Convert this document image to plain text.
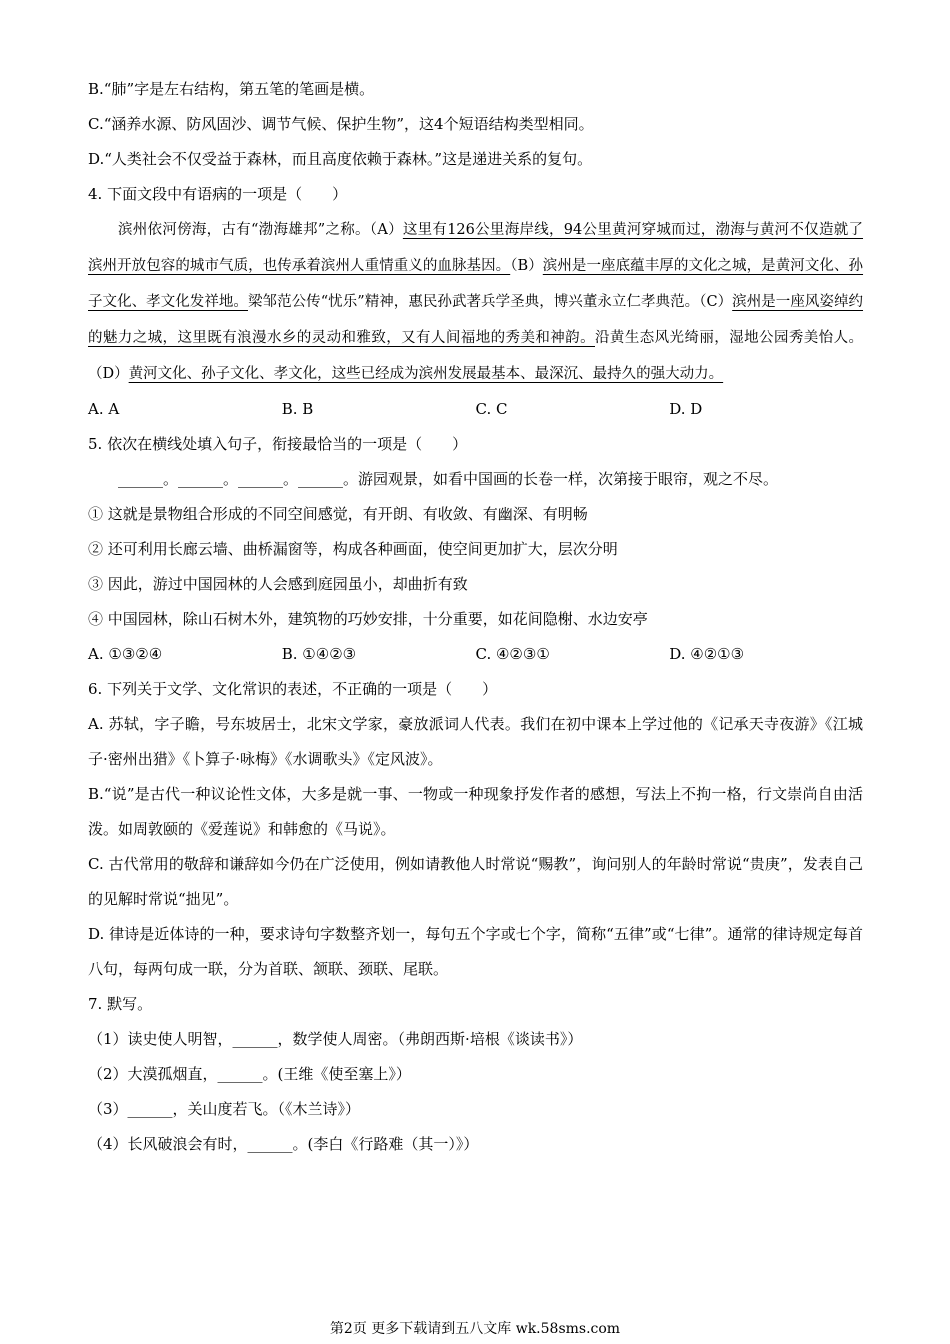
B.“肺”字是左右结构，第五笔的笔画是横。
C.“涵养水源、防风固沙、调节气候、保护生物”，这4个短语结构类型相同。
D.“人类社会不仅受益于森林，而且高度依赖于森林。”这是递进关系的复句。
4. 下面文段中有语病的一项是（　　）
滨州依河傍海，古有“渤海雄邦”之称。（A）这里有126公里海岸线，94公里黄河穿城而过，渤海与黄河不仅造就了滨州开放包容的城市气质，也传承着滨州人重情重义的血脉基因。（B）滨州是一座底蕴丰厚的文化之城，是黄河文化、孙子文化、孝文化发祥地。梁邹范公传“忧乐”精神，惠民孙武著兵学圣典，博兴董永立仁孝典范。（C）滨州是一座风姿绰约的魅力之城，这里既有浪漫水乡的灵动和雅致，又有人间福地的秀美和神韵。沿黄生态风光绮丽，湿地公园秀美怡人。（D）黄河文化、孙子文化、孝文化，这些已经成为滨州发展最基本、最深沉、最持久的强大动力。
A. A	B. B	C. C	D. D
5. 依次在横线处填入句子，衔接最恰当的一项是（　　）
______。______。______。______。游园观景，如看中国画的长卷一样，次第接于眼帘，观之不尽。
① 这就是景物组合形成的不同空间感觉，有开朗、有收敛、有幽深、有明畅
② 还可利用长廊云墙、曲桥漏窗等，构成各种画面，使空间更加扩大，层次分明
③ 因此，游过中国园林的人会感到庭园虽小，却曲折有致
④ 中国园林，除山石树木外，建筑物的巧妙安排，十分重要，如花间隐榭、水边安亭
A. ①③②④	B. ①④②③	C. ④②③①	D. ④②①③
6. 下列关于文学、文化常识的表述，不正确的一项是（　　）
A. 苏轼，字子瞻，号东坡居士，北宋文学家，豪放派词人代表。我们在初中课本上学过他的《记承天寺夜游》《江城子·密州出猎》《卜算子·咏梅》《水调歌头》《定风波》。
B.“说”是古代一种议论性文体，大多是就一事、一物或一种现象抒发作者的感想，写法上不拘一格，行文崇尚自由活泼。如周敦颐的《爱莲说》和韩愈的《马说》。
C. 古代常用的敬辞和谦辞如今仍在广泛使用，例如请教他人时常说“赐教”，询问别人的年龄时常说“贵庚”，发表自己的见解时常说“拙见”。
D. 律诗是近体诗的一种，要求诗句字数整齐划一，每句五个字或七个字，简称“五律”或“七律”。通常的律诗规定每首八句，每两句成一联，分为首联、颔联、颈联、尾联。
7. 默写。
（1）读史使人明智，______，数学使人周密。（弗朗西斯·培根《谈读书》）
（2）大漠孤烟直，______。(王维《使至塞上》）
（3）______，关山度若飞。（《木兰诗》）
（4）长风破浪会有时，______。(李白《行路难（其一）》）
第2页 更多下载请到五八文库 wk.58sms.com
